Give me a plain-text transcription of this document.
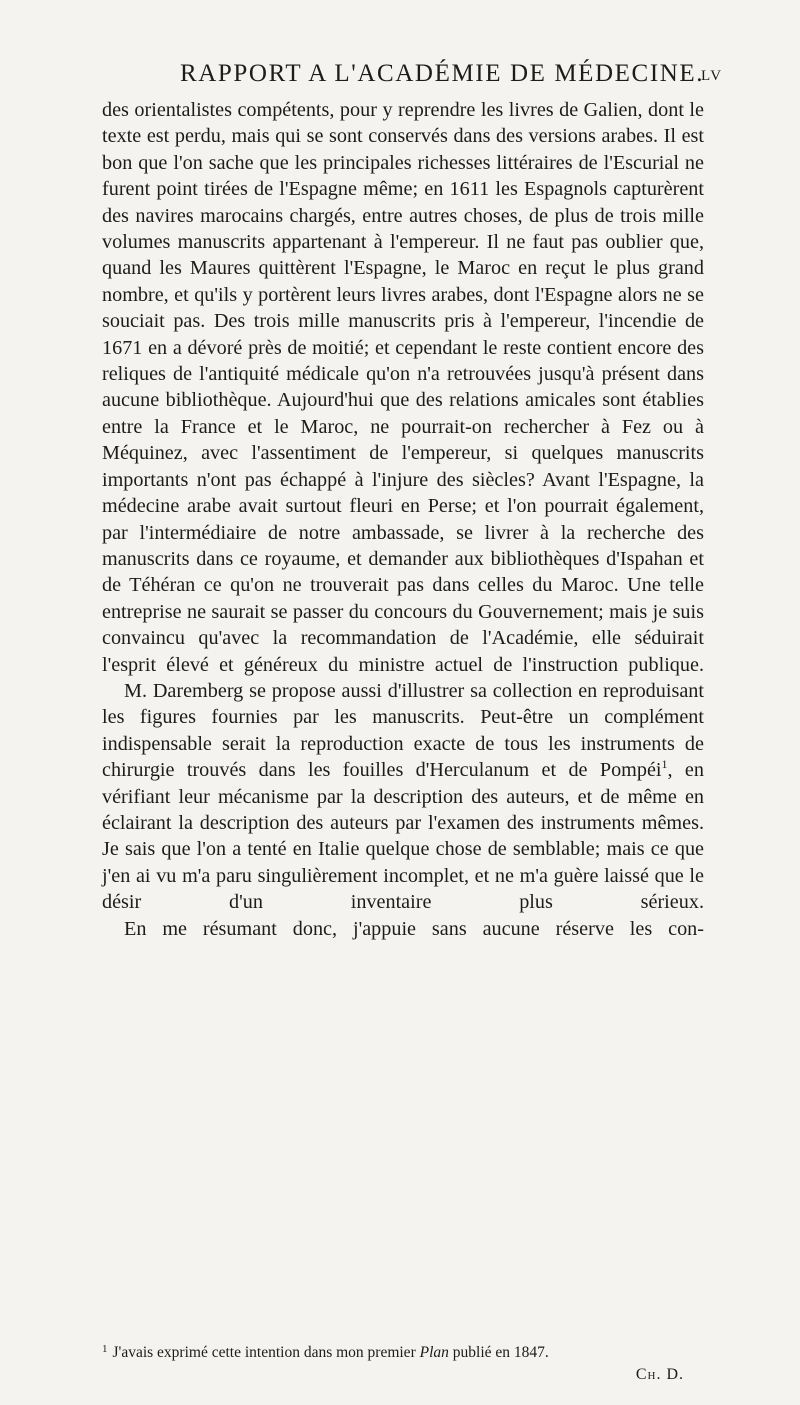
RAPPORT A L'ACADÉMIE DE MÉDECINE.
LV

des orientalistes compétents, pour y reprendre les livres de Galien, dont le texte est perdu, mais qui se sont conservés dans des versions arabes. Il est bon que l'on sache que les principales richesses littéraires de l'Escurial ne furent point tirées de l'Espagne même; en 1611 les Espagnols capturèrent des navires marocains chargés, entre autres choses, de plus de trois mille volumes manuscrits appartenant à l'empereur. Il ne faut pas oublier que, quand les Maures quittèrent l'Espagne, le Maroc en reçut le plus grand nombre, et qu'ils y portèrent leurs livres arabes, dont l'Espagne alors ne se souciait pas. Des trois mille manuscrits pris à l'empereur, l'incendie de 1671 en a dévoré près de moitié; et cependant le reste contient encore des reliques de l'antiquité médicale qu'on n'a retrouvées jusqu'à présent dans aucune bibliothèque. Aujourd'hui que des relations amicales sont établies entre la France et le Maroc, ne pourrait-on rechercher à Fez ou à Méquinez, avec l'assentiment de l'empereur, si quelques manuscrits importants n'ont pas échappé à l'injure des siècles? Avant l'Espagne, la médecine arabe avait surtout fleuri en Perse; et l'on pourrait également, par l'intermédiaire de notre ambassade, se livrer à la recherche des manuscrits dans ce royaume, et demander aux bibliothèques d'Ispahan et de Téhéran ce qu'on ne trouverait pas dans celles du Maroc. Une telle entreprise ne saurait se passer du concours du Gouvernement; mais je suis convaincu qu'avec la recommandation de l'Académie, elle séduirait l'esprit élevé et généreux du ministre actuel de l'instruction publique.

M. Daremberg se propose aussi d'illustrer sa collection en reproduisant les figures fournies par les manuscrits. Peut-être un complément indispensable serait la reproduction exacte de tous les instruments de chirurgie trouvés dans les fouilles d'Herculanum et de Pompéi$^1$, en vérifiant leur mécanisme par la description des auteurs, et de même en éclairant la description des auteurs par l'examen des instruments mêmes. Je sais que l'on a tenté en Italie quelque chose de semblable; mais ce que j'en ai vu m'a paru singulièrement incomplet, et ne m'a guère laissé que le désir d'un inventaire plus sérieux.

En me résumant donc, j'appuie sans aucune réserve les con-

$^1$ J'avais exprimé cette intention dans mon premier Plan publié en 1847.
Ch. D.
